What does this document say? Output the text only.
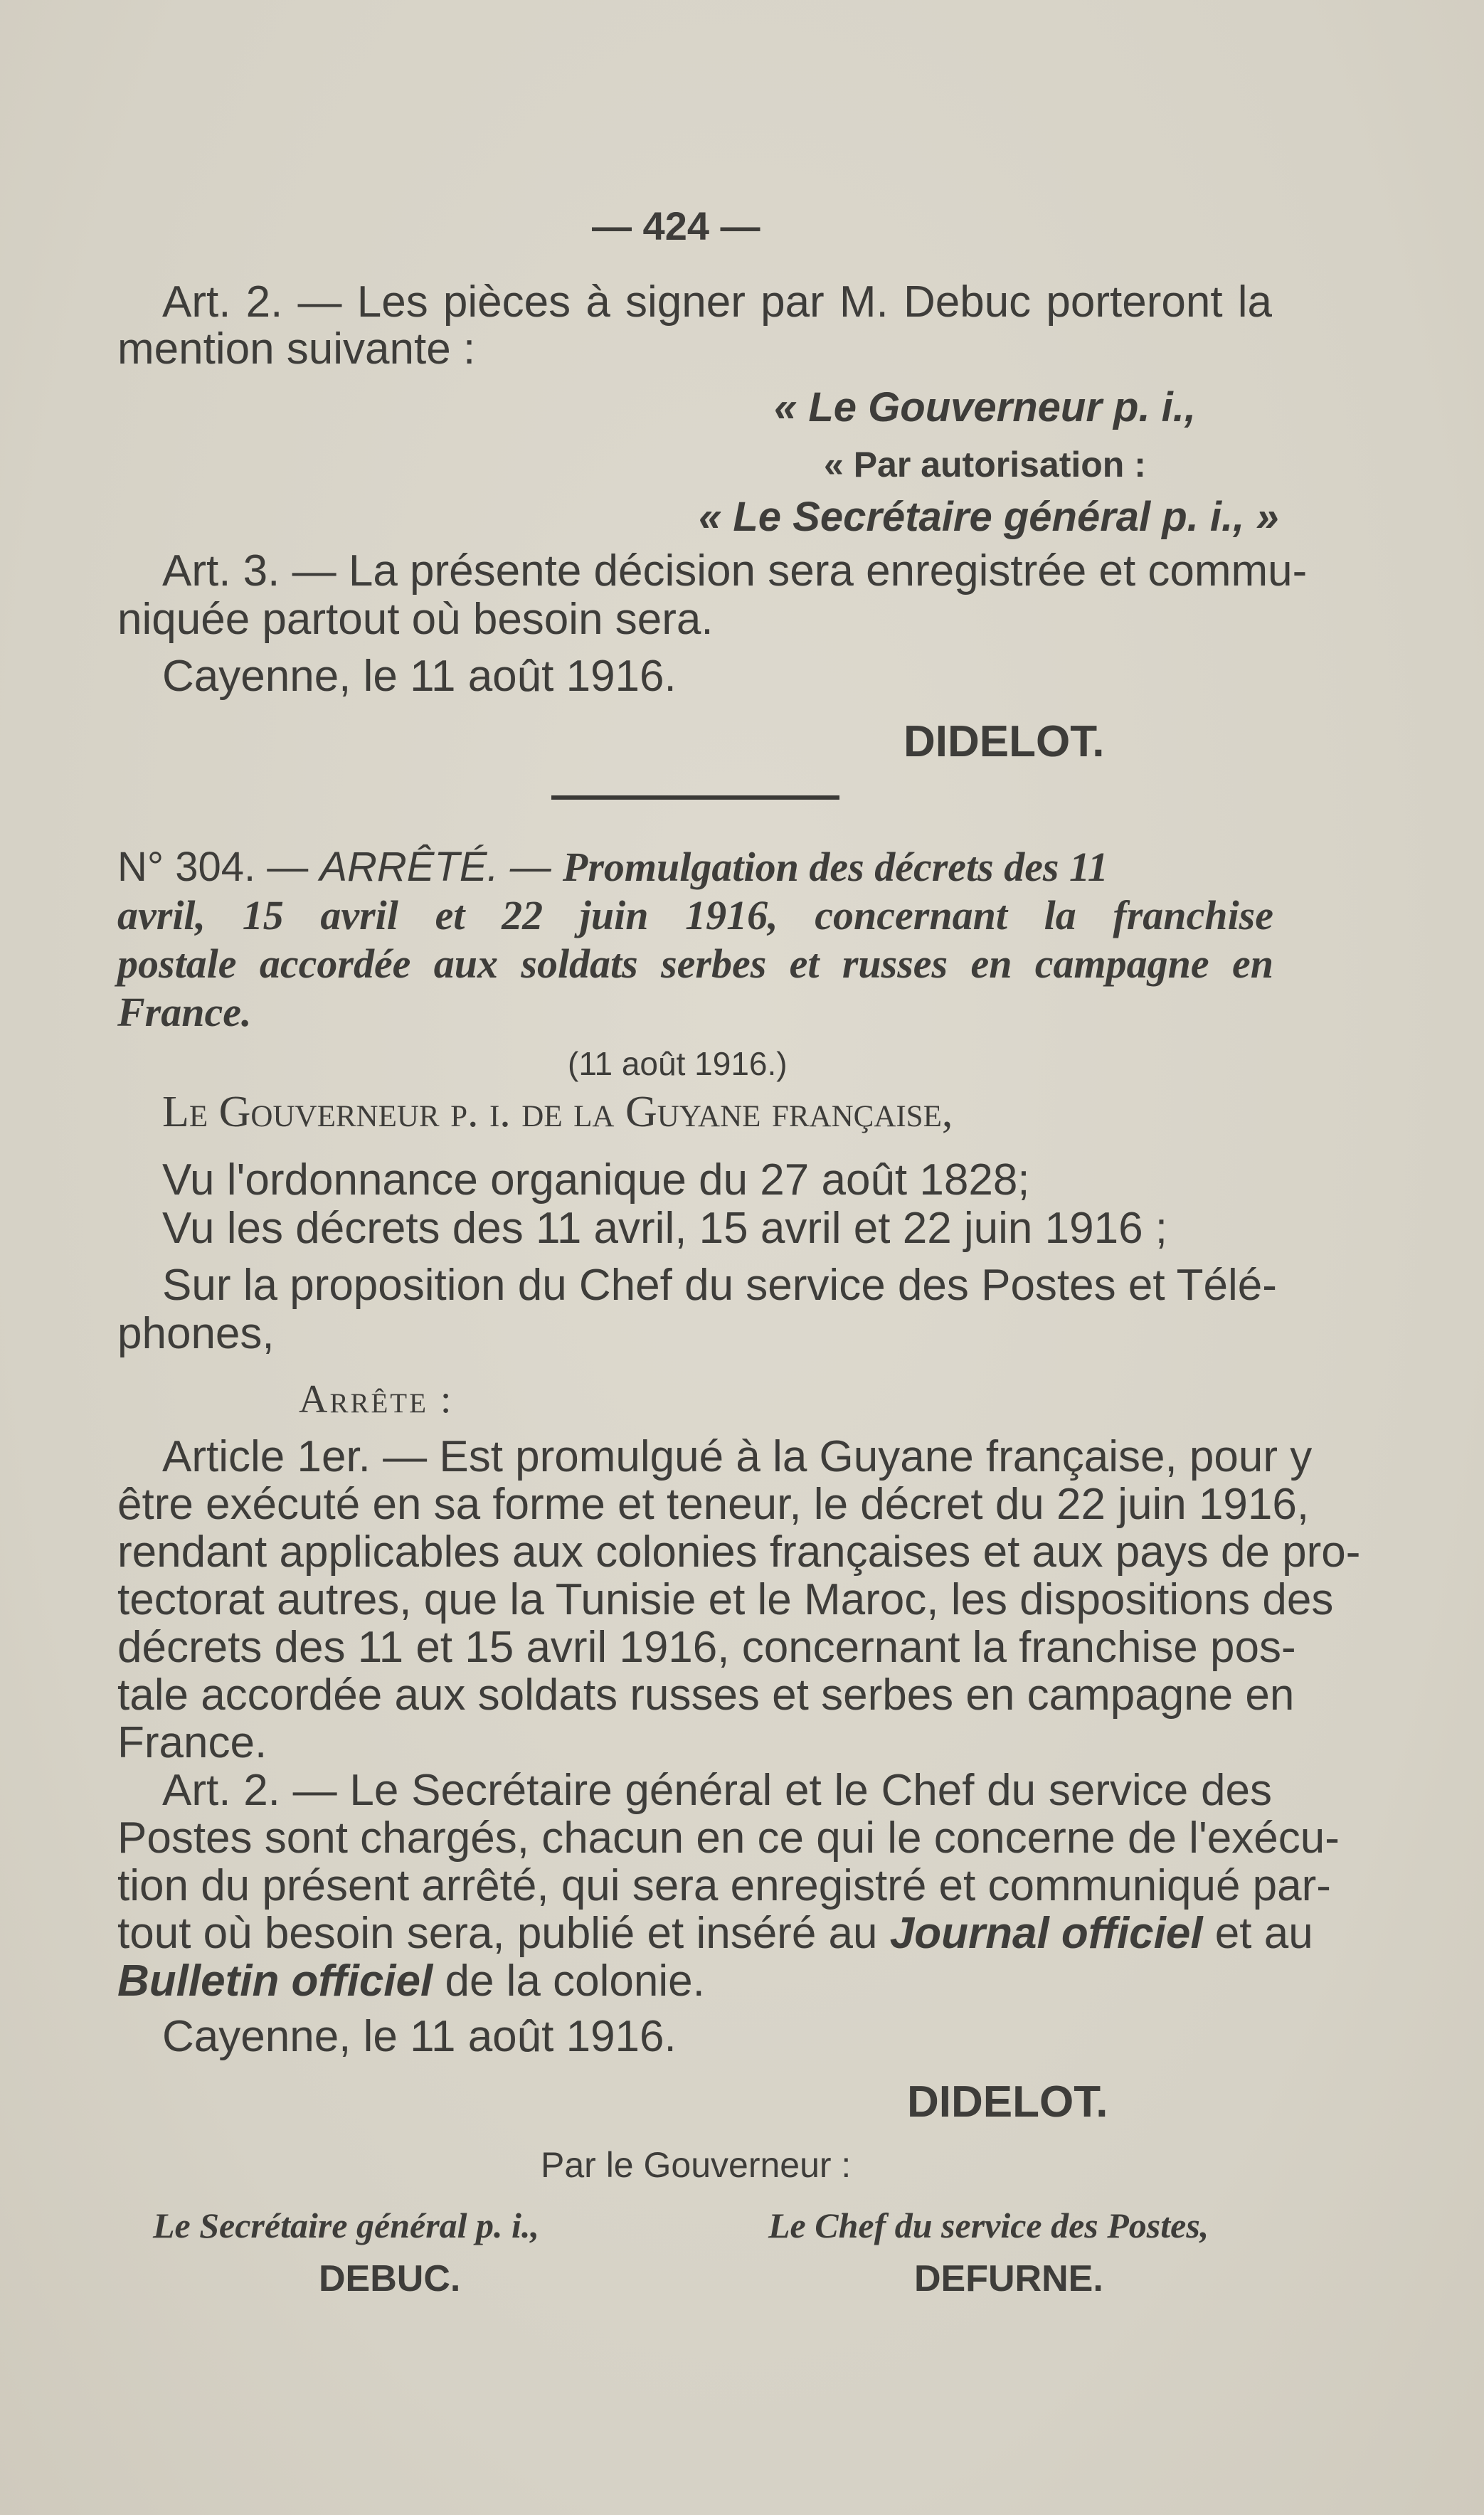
— 424 —
Art. 2. — Les pièces à signer par M. Debuc porteront la
mention suivante :
« Le Gouverneur p. i.,
« Par autorisation :
« Le Secrétaire général p. i., »
Art. 3. — La présente décision sera enregistrée et commu-
niquée partout où besoin sera.
Cayenne, le 11 août 1916.
DIDELOT.
N° 304. — ARRÊTÉ. — Promulgation des décrets des 11
avril, 15 avril et 22 juin 1916, concernant la franchise
postale accordée aux soldats serbes et russes en campagne en
France.
(11 août 1916.)
Le Gouverneur p. i. de la Guyane française,
Vu l'ordonnance organique du 27 août 1828;
Vu les décrets des 11 avril, 15 avril et 22 juin 1916 ;
Sur la proposition du Chef du service des Postes et Télé-
phones,
Arrête :
Article 1er. — Est promulgué à la Guyane française, pour y
être exécuté en sa forme et teneur, le décret du 22 juin 1916,
rendant applicables aux colonies françaises et aux pays de pro-
tectorat autres, que la Tunisie et le Maroc, les dispositions des
décrets des 11 et 15 avril 1916, concernant la franchise pos-
tale accordée aux soldats russes et serbes en campagne en
France.
Art. 2. — Le Secrétaire général et le Chef du service des
Postes sont chargés, chacun en ce qui le concerne de l'exécu-
tion du présent arrêté, qui sera enregistré et communiqué par-
tout où besoin sera, publié et inséré au Journal officiel et au
Bulletin officiel de la colonie.
Cayenne, le 11 août 1916.
DIDELOT.
Par le Gouverneur :
Le Secrétaire général p. i.,	Le Chef du service des Postes,
DEBUC.	DEFURNE.
